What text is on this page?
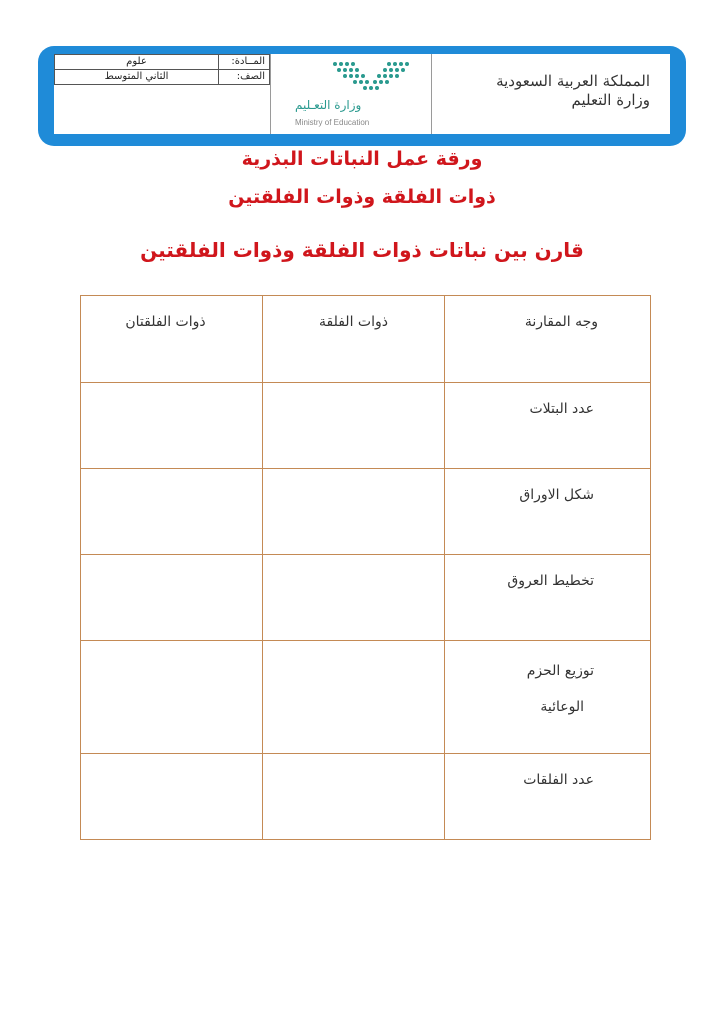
المملكة العربية السعودية
وزارة التعليم
وزارة التعـليم
Ministry of Education
المــادة:	علوم
الصف:	الثاني المتوسط
ورقة عمل النباتات البذرية
ذوات الفلقة وذوات الفلقتين
قارن بين نباتات ذوات الفلقة وذوات الفلقتين
وجه المقارنة	ذوات الفلقة	ذوات الفلقتان
عدد البتلات		
شكل الاوراق		
تخطيط العروق		

توزيع الحزم
الوعائية		

عدد الفلقات		
